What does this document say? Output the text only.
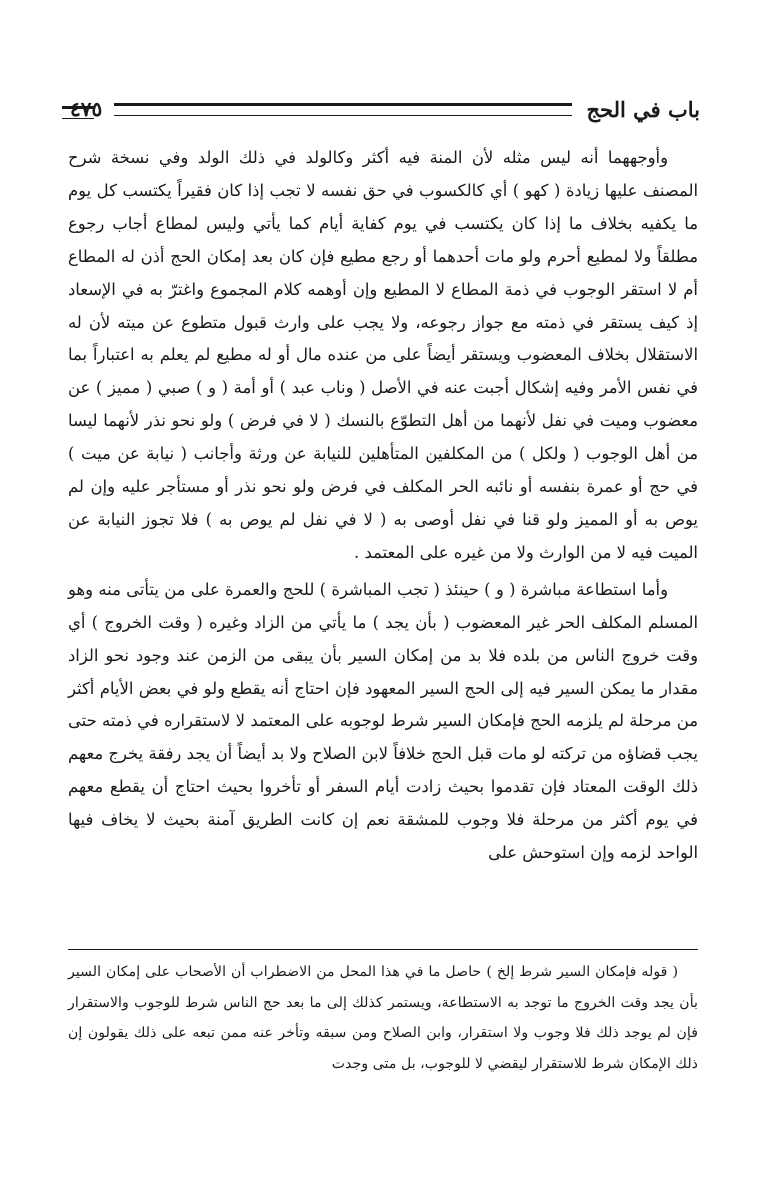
باب في الحج
٤٧٥

وأوجههما أنه ليس مثله لأن المنة فيه أكثر وكالولد في ذلك الولد وفي نسخة شرح المصنف عليها زيادة ( كهو ) أي كالكسوب في حق نفسه لا تجب إذا كان فقيراً يكتسب كل يوم ما يكفيه بخلاف ما إذا كان يكتسب في يوم كفاية أيام كما يأتي وليس لمطاع أجاب رجوع مطلقاً ولا لمطيع أحرم ولو مات أحدهما أو رجع مطيع فإن كان بعد إمكان الحج أذن له المطاع أم لا استقر الوجوب في ذمة المطاع لا المطيع وإن أوهمه كلام المجموع واغترّ به في الإسعاد إذ كيف يستقر في ذمته مع جواز رجوعه، ولا يجب على وارث قبول متطوع عن ميته لأن له الاستقلال بخلاف المعضوب ويستقر أيضاً على من عنده مال أو له مطيع لم يعلم به اعتباراً بما في نفس الأمر وفيه إشكال أجبت عنه في الأصل ( وناب عبد ) أو أمة ( و ) صبي ( مميز ) عن معضوب وميت في نفل لأنهما من أهل التطوّع بالنسك ( لا في فرض ) ولو نحو نذر لأنهما ليسا من أهل الوجوب ( ولكل ) من المكلفين المتأهلين للنيابة عن ورثة وأجانب ( نيابة عن ميت ) في حج أو عمرة بنفسه أو نائبه الحر المكلف في فرض ولو نحو نذر أو مستأجر عليه وإن لم يوص به أو المميز ولو قنا في نفل أوصى به ( لا في نفل لم يوص به ) فلا تجوز النيابة عن الميت فيه لا من الوارث ولا من غيره على المعتمد .

وأما استطاعة مباشرة ( و ) حينئذ ( تجب المباشرة ) للحج والعمرة على من يتأتى منه وهو المسلم المكلف الحر غير المعضوب ( بأن يجد ) ما يأتي من الزاد وغيره ( وقت الخروج ) أي وقت خروج الناس من بلده فلا بد من إمكان السير بأن يبقى من الزمن عند وجود نحو الزاد مقدار ما يمكن السير فيه إلى الحج السير المعهود فإن احتاج أنه يقطع ولو في بعض الأيام أكثر من مرحلة لم يلزمه الحج فإمكان السير شرط لوجوبه على المعتمد لا لاستقراره في ذمته حتى يجب قضاؤه من تركته لو مات قبل الحج خلافاً لابن الصلاح ولا بد أيضاً أن يجد رفقة يخرج معهم ذلك الوقت المعتاد فإن تقدموا بحيث زادت أيام السفر أو تأخروا بحيث احتاج أن يقطع معهم في يوم أكثر من مرحلة فلا وجوب للمشقة نعم إن كانت الطريق آمنة بحيث لا يخاف فيها الواحد لزمه وإن استوحش على

( قوله فإمكان السير شرط إلخ ) حاصل ما في هذا المحل من الاضطراب أن الأصحاب على إمكان السير بأن يجد وقت الخروج ما توجد به الاستطاعة، ويستمر كذلك إلى ما بعد حج الناس شرط للوجوب والاستقرار فإن لم يوجد ذلك فلا وجوب ولا استقرار، وابن الصلاح ومن سبقه وتأخر عنه ممن تبعه على ذلك يقولون إن ذلك الإمكان شرط للاستقرار ليقضي لا للوجوب، بل متى وجدت
